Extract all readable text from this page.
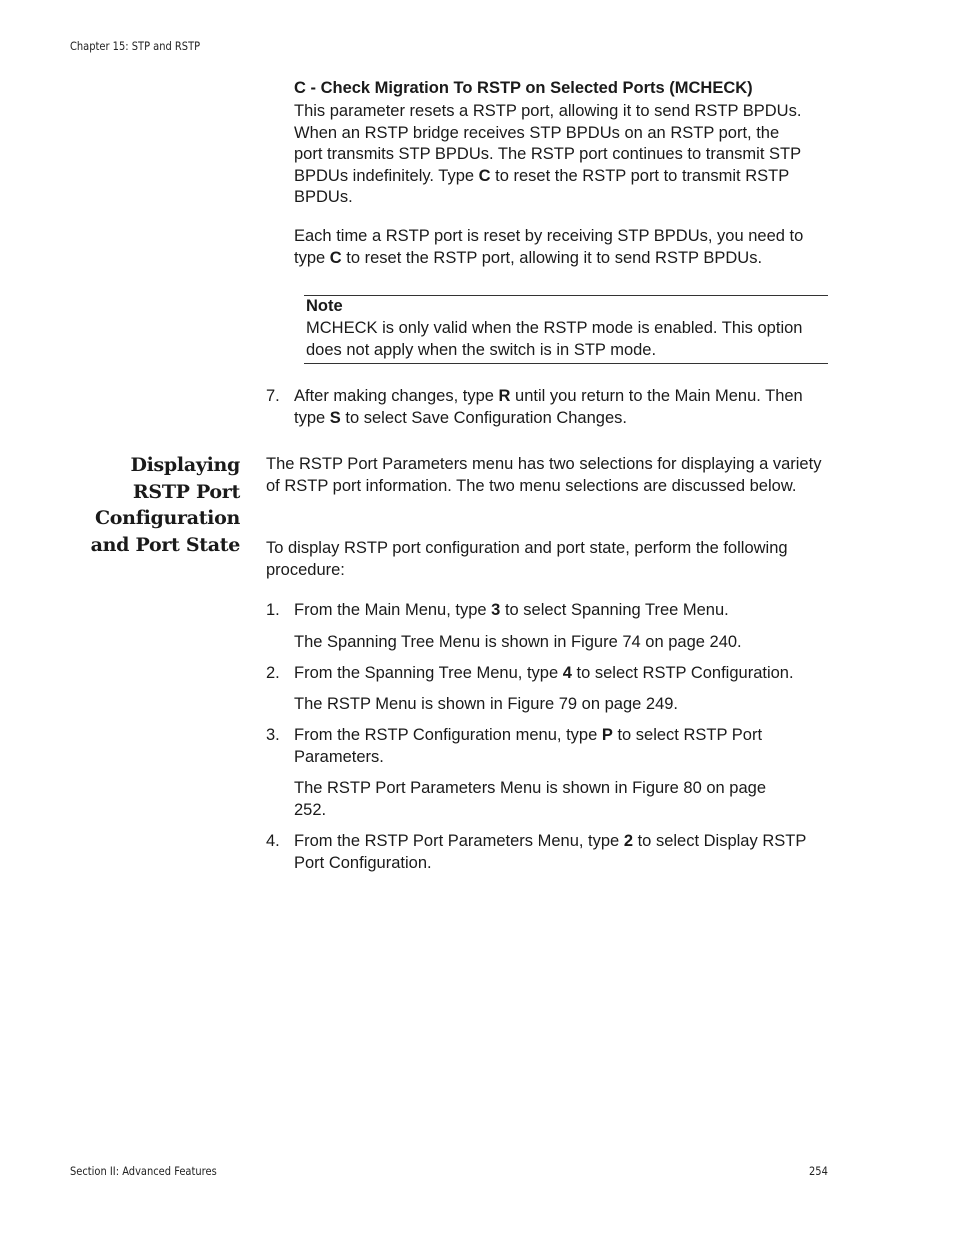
Chapter 15: STP and RSTP
C - Check Migration To RSTP on Selected Ports (MCHECK)
This parameter resets a RSTP port, allowing it to send RSTP BPDUs. When an RSTP bridge receives STP BPDUs on an RSTP port, the port transmits STP BPDUs. The RSTP port continues to transmit STP BPDUs indefinitely. Type C to reset the RSTP port to transmit RSTP BPDUs.
Each time a RSTP port is reset by receiving STP BPDUs, you need to type C to reset the RSTP port, allowing it to send RSTP BPDUs.
Note
MCHECK is only valid when the RSTP mode is enabled. This option does not apply when the switch is in STP mode.
7. After making changes, type R until you return to the Main Menu. Then type S to select Save Configuration Changes.
Displaying
RSTP Port
Configuration
and Port State
The RSTP Port Parameters menu has two selections for displaying a variety of RSTP port information. The two menu selections are discussed below.
To display RSTP port configuration and port state, perform the following procedure:
1. From the Main Menu, type 3 to select Spanning Tree Menu.
The Spanning Tree Menu is shown in Figure 74 on page 240.
2. From the Spanning Tree Menu, type 4 to select RSTP Configuration.
The RSTP Menu is shown in Figure 79 on page 249.
3. From the RSTP Configuration menu, type P to select RSTP Port Parameters.
The RSTP Port Parameters Menu is shown in Figure 80 on page 252.
4. From the RSTP Port Parameters Menu, type 2 to select Display RSTP Port Configuration.
Section II: Advanced Features	254
